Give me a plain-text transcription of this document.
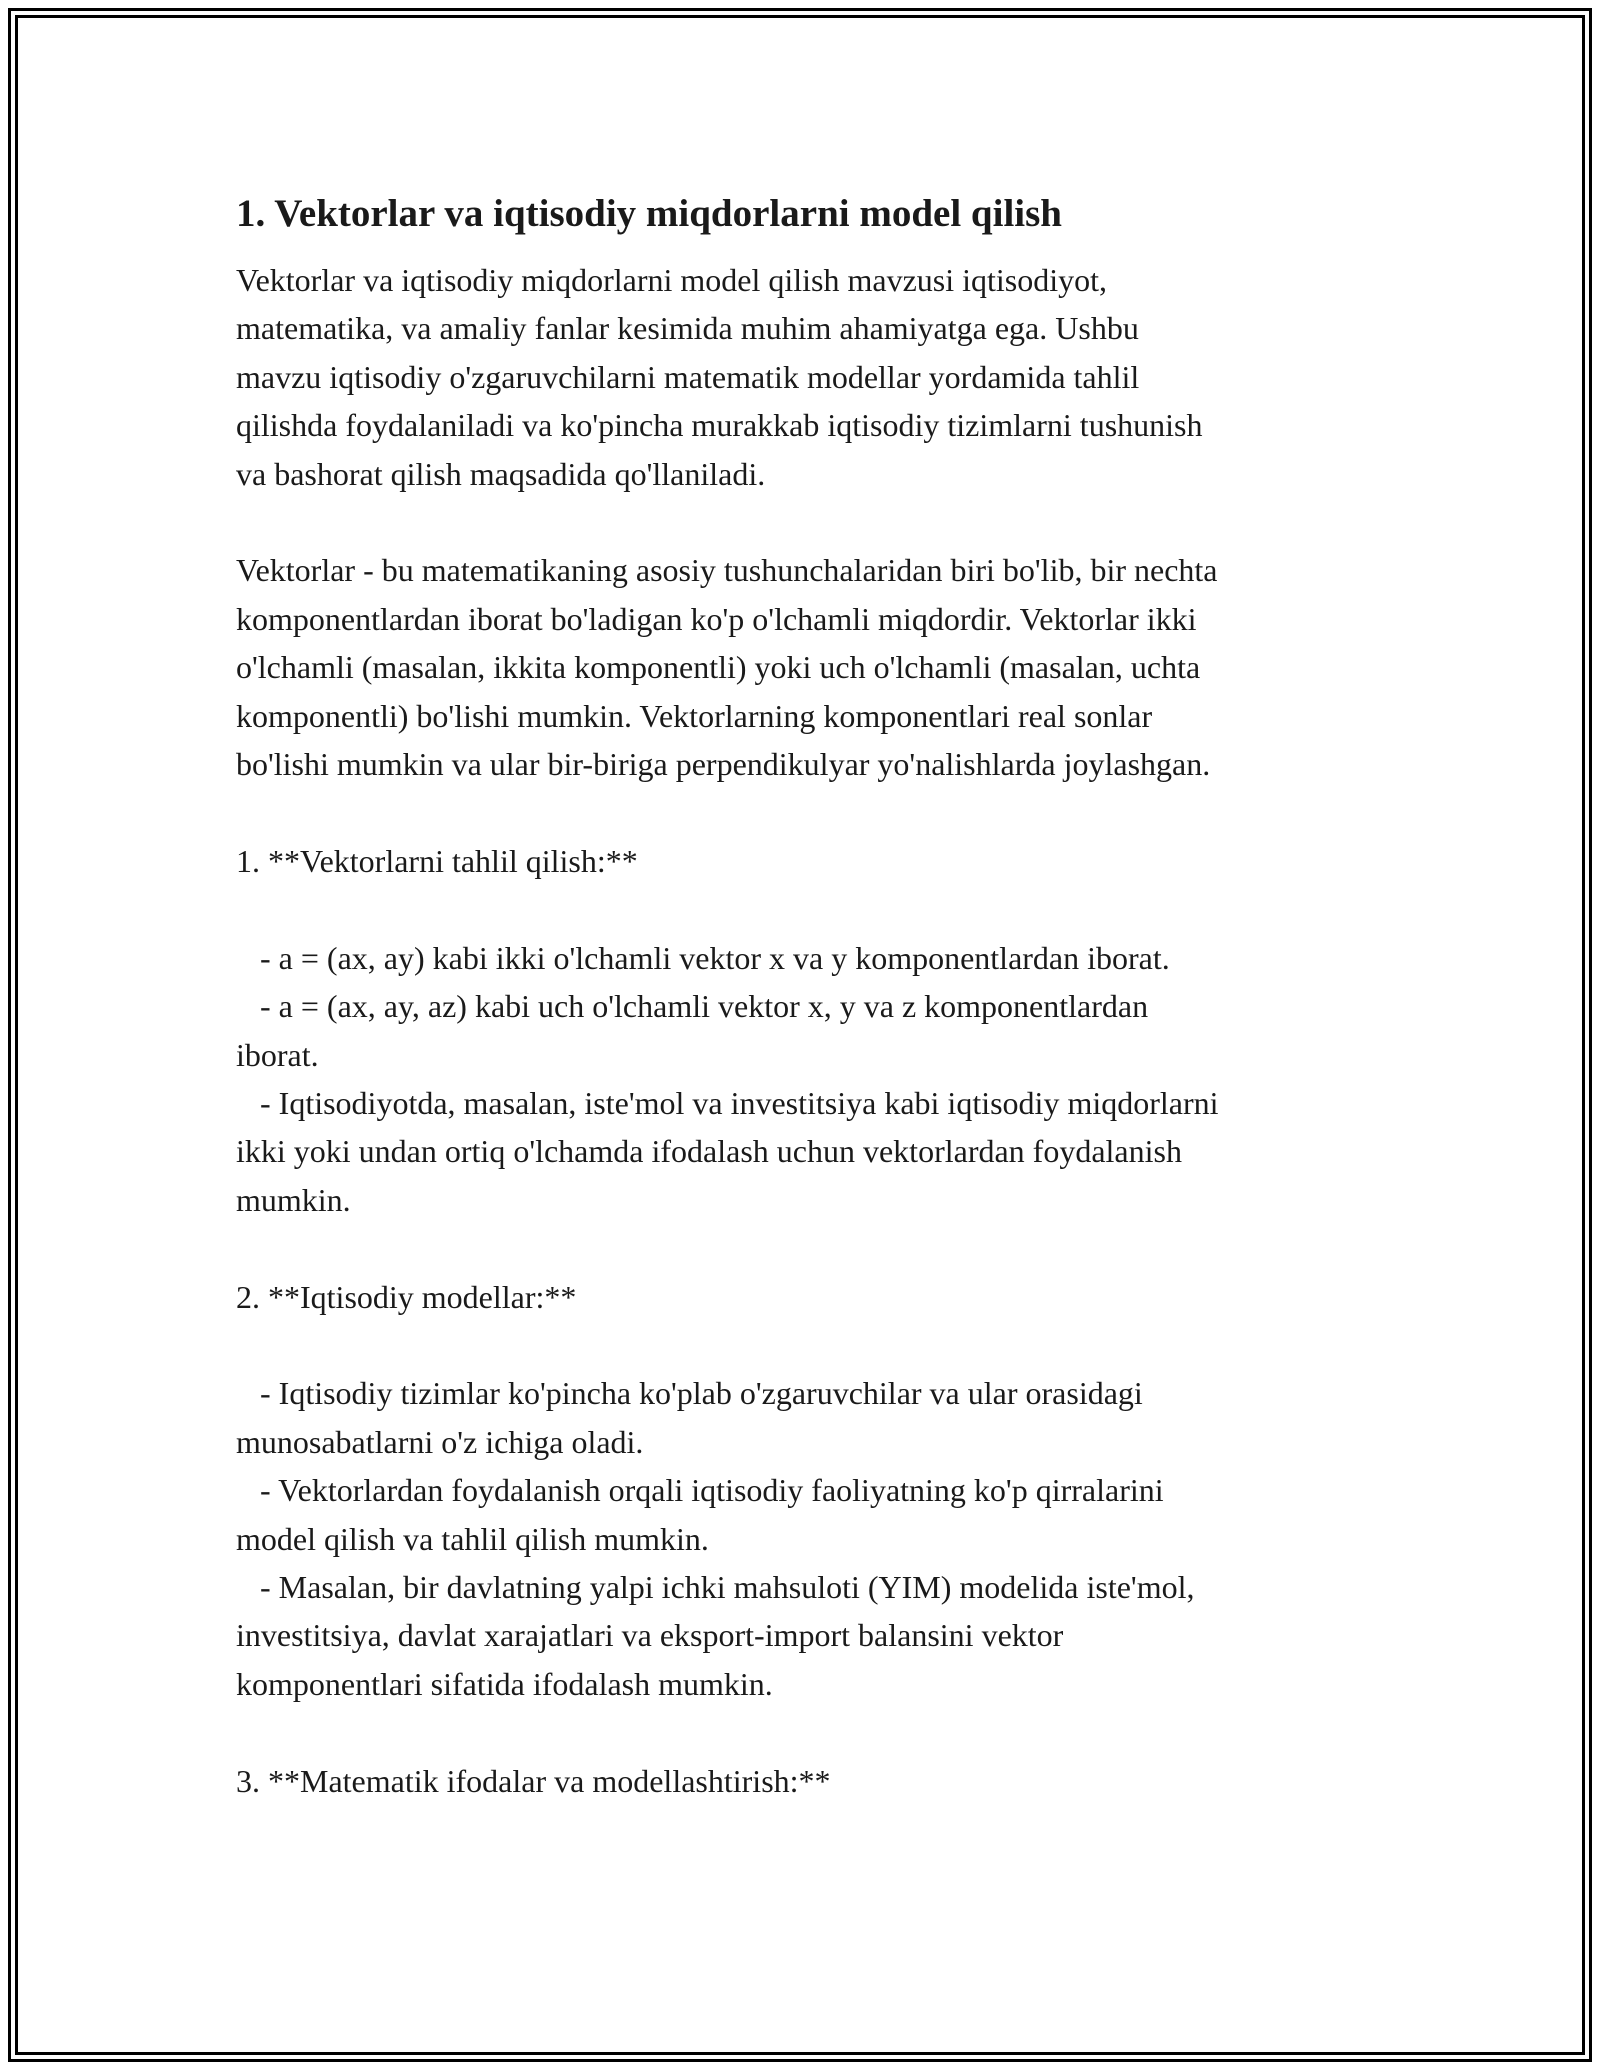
1. Vektorlar va iqtisodiy miqdorlarni model qilish

Vektorlar va iqtisodiy miqdorlarni model qilish mavzusi iqtisodiyot,
matematika, va amaliy fanlar kesimida muhim ahamiyatga ega. Ushbu
mavzu iqtisodiy o'zgaruvchilarni matematik modellar yordamida tahlil
qilishda foydalaniladi va ko'pincha murakkab iqtisodiy tizimlarni tushunish
va bashorat qilish maqsadida qo'llaniladi.

Vektorlar - bu matematikaning asosiy tushunchalaridan biri bo'lib, bir nechta
komponentlardan iborat bo'ladigan ko'p o'lchamli miqdordir. Vektorlar ikki
o'lchamli (masalan, ikkita komponentli) yoki uch o'lchamli (masalan, uchta
komponentli) bo'lishi mumkin. Vektorlarning komponentlari real sonlar
bo'lishi mumkin va ular bir-biriga perpendikulyar yo'nalishlarda joylashgan.

1. **Vektorlarni tahlil qilish:**

- a = (ax, ay) kabi ikki o'lchamli vektor x va y komponentlardan iborat.
- a = (ax, ay, az) kabi uch o'lchamli vektor x, y va z komponentlardan
iborat.
- Iqtisodiyotda, masalan, iste'mol va investitsiya kabi iqtisodiy miqdorlarni
ikki yoki undan ortiq o'lchamda ifodalash uchun vektorlardan foydalanish
mumkin.

2. **Iqtisodiy modellar:**

- Iqtisodiy tizimlar ko'pincha ko'plab o'zgaruvchilar va ular orasidagi
munosabatlarni o'z ichiga oladi.
- Vektorlardan foydalanish orqali iqtisodiy faoliyatning ko'p qirralarini
model qilish va tahlil qilish mumkin.
- Masalan, bir davlatning yalpi ichki mahsuloti (YIM) modelida iste'mol,
investitsiya, davlat xarajatlari va eksport-import balansini vektor
komponentlari sifatida ifodalash mumkin.

3. **Matematik ifodalar va modellashtirish:**
